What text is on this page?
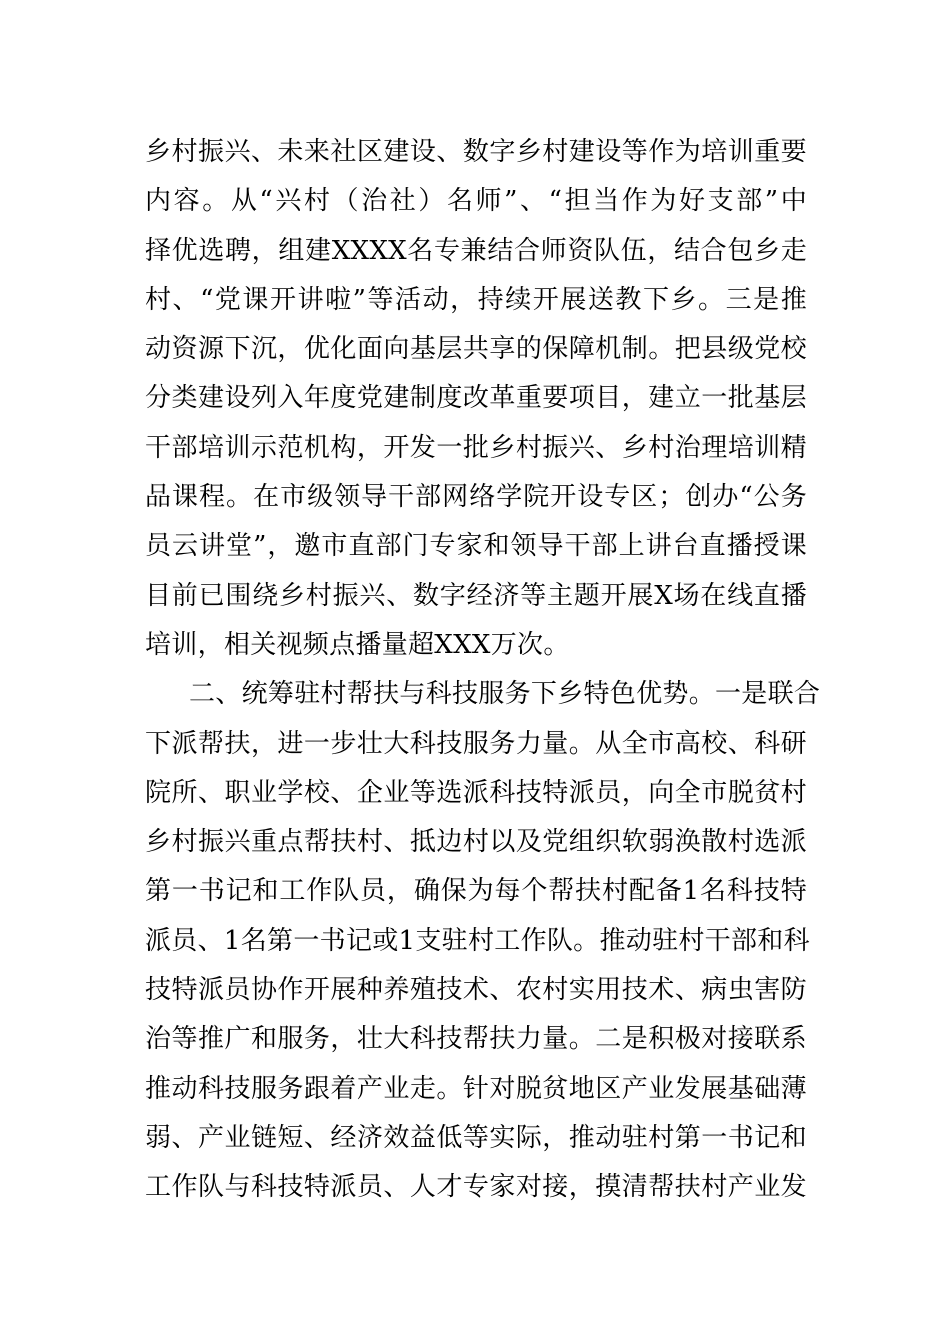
乡村振兴、未来社区建设、数字乡村建设等作为培训重要
内容。从“兴村（治社）名师”、“担当作为好支部”中
择优选聘，组建XXXX名专兼结合师资队伍，结合包乡走
村、“党课开讲啦”等活动，持续开展送教下乡。三是推
动资源下沉，优化面向基层共享的保障机制。把县级党校
分类建设列入年度党建制度改革重要项目，建立一批基层
干部培训示范机构，开发一批乡村振兴、乡村治理培训精
品课程。在市级领导干部网络学院开设专区；创办“公务
员云讲堂”，邀市直部门专家和领导干部上讲台直播授课
目前已围绕乡村振兴、数字经济等主题开展X场在线直播
培训，相关视频点播量超XXX万次。
二、统筹驻村帮扶与科技服务下乡特色优势。一是联合
下派帮扶，进一步壮大科技服务力量。从全市高校、科研
院所、职业学校、企业等选派科技特派员，向全市脱贫村
乡村振兴重点帮扶村、抵边村以及党组织软弱涣散村选派
第一书记和工作队员，确保为每个帮扶村配备1名科技特
派员、1名第一书记或1支驻村工作队。推动驻村干部和科
技特派员协作开展种养殖技术、农村实用技术、病虫害防
治等推广和服务，壮大科技帮扶力量。二是积极对接联系
推动科技服务跟着产业走。针对脱贫地区产业发展基础薄
弱、产业链短、经济效益低等实际，推动驻村第一书记和
工作队与科技特派员、人才专家对接，摸清帮扶村产业发
